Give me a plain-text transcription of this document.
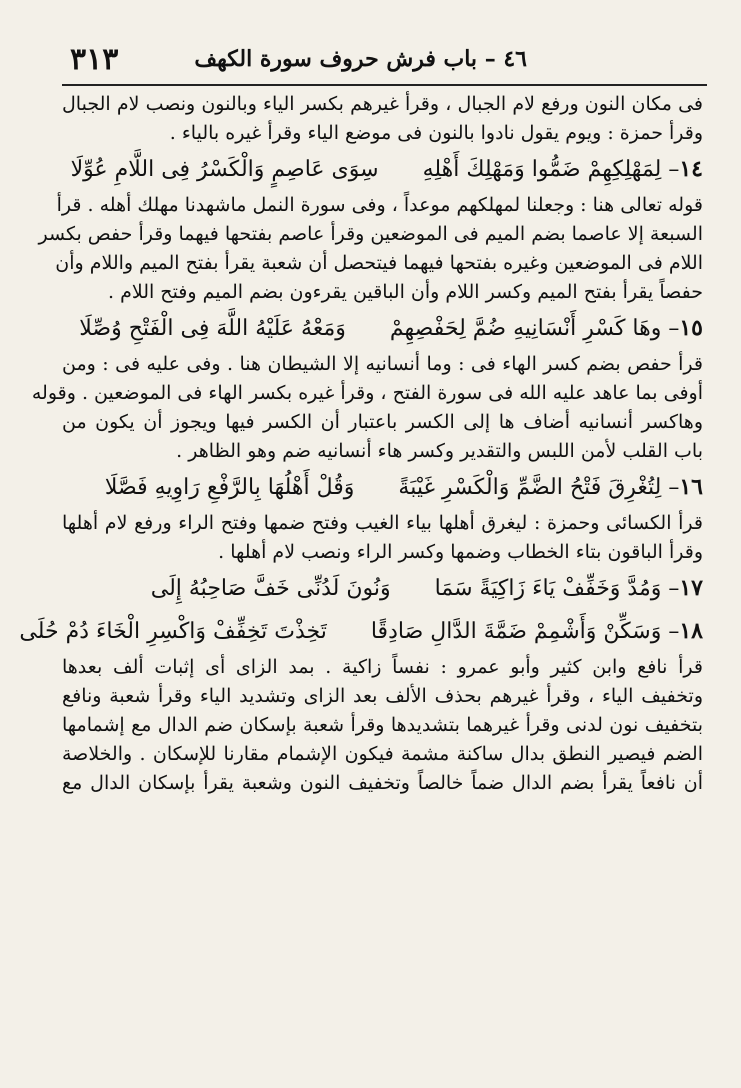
٤٦ – باب فرش حروف سورة الكهف
٣١٣
فى مكان النون ورفع لام الجبال ، وقرأ غيرهم بكسر الياء وبالنون ونصب لام الجبال
وقرأ حمزة : ويوم يقول نادوا بالنون فى موضع الياء وقرأ غيره بالياء .
١٤– لِمَهْلِكِهِمْ ضَمُّوا وَمَهْلِكَ أَهْلِهِ
سِوَى عَاصِمٍ وَالْكَسْرُ فِى اللَّامِ عُوِّلَا
قوله تعالى هنا : وجعلنا لمهلكهم موعداً ، وفى سورة النمل ماشهدنا مهلك أهله . قرأ
السبعة إلا عاصما بضم الميم فى الموضعين وقرأ عاصم بفتحها فيهما وقرأ حفص بكسر
اللام فى الموضعين وغيره بفتحها فيهما فيتحصل أن شعبة يقرأ بفتح الميم واللام وأن
حفصاً يقرأ بفتح الميم وكسر اللام وأن الباقين يقرءون بضم الميم وفتح اللام .
١٥– وهَا كَسْرِ أَنْسَانِيهِ ضُمَّ لِحَفْصِهِمْ
وَمَعْهُ عَلَيْهُ اللَّهَ فِى الْفَتْحِ وُصِّلَا
قرأ حفص بضم كسر الهاء فى : وما أنسانيه إلا الشيطان هنا . وفى عليه فى : ومن
أوفى بما عاهد عليه الله فى سورة الفتح ، وقرأ غيره بكسر الهاء فى الموضعين . وقوله
وهاكسر أنسانيه أضاف ها إلى الكسر باعتبار أن الكسر فيها ويجوز أن يكون من
باب القلب لأمن اللبس والتقدير وكسر هاء أنسانيه ضم وهو الظاهر .
١٦– لِتُغْرِقَ فَتْحُ الضَّمِّ وَالْكَسْرِ غَيْبَةً
وَقُلْ أَهْلُهَا بِالرَّفْعِ رَاوِيهِ فَصَّلَا
قرأ الكسائى وحمزة : ليغرق أهلها بياء الغيب وفتح ضمها وفتح الراء ورفع لام أهلها
وقرأ الباقون بتاء الخطاب وضمها وكسر الراء ونصب لام أهلها .
١٧– وَمُدَّ وَخَفِّفْ يَاءَ زَاكِيَةً سَمَا
وَنُونَ لَدُنِّى خَفَّ صَاحِبُهُ إِلَى
١٨– وَسَكِّنْ وَأَشْمِمْ ضَمَّةَ الدَّالِ صَادِقًا
تَخِذْتَ تَخِفِّفْ وَاكْسِرِ الْخَاءَ دُمْ حُلَى
قرأ نافع وابن كثير وأبو عمرو : نفساً زاكية . بمد الزاى أى إثبات ألف بعدها
وتخفيف الياء ، وقرأ غيرهم بحذف الألف بعد الزاى وتشديد الياء وقرأ شعبة ونافع
بتخفيف نون لدنى وقرأ غيرهما بتشديدها وقرأ شعبة بإسكان ضم الدال مع إشمامها
الضم فيصير النطق بدال ساكنة مشمة فيكون الإشمام مقارنا للإسكان . والخلاصة
أن نافعاً يقرأ بضم الدال ضماً خالصاً وتخفيف النون وشعبة يقرأ بإسكان الدال مع
